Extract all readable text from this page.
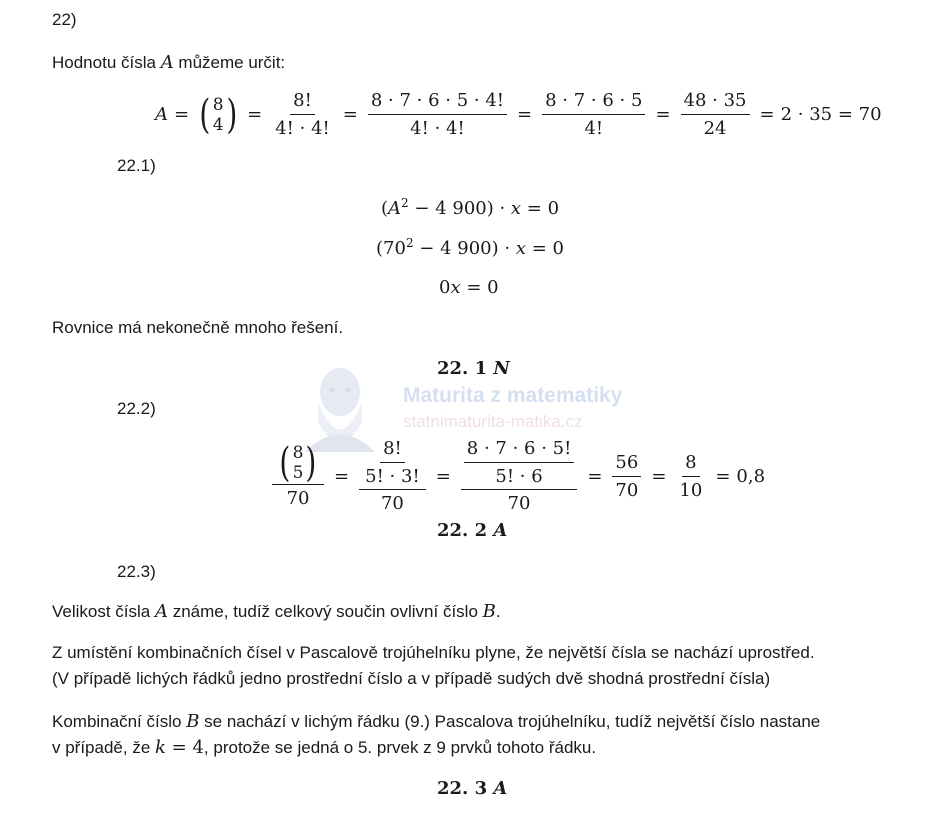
22)
Hodnotu čísla A můžeme určit:
A = ( 8
4 ) = $\frac{8!}{4! \cdot 4!} = \frac{8 \cdot 7 \cdot 6 \cdot 5 \cdot 4!}{4! \cdot 4!} = \frac{8 \cdot 7 \cdot 6 \cdot 5}{4!} = \frac{48 \cdot 35}{24} = 2 \cdot 35 = 70$
22.1)
($A^2 - 4$ 900) · x = 0
($70^2 - 4$ 900) · x = 0
0x = 0
Rovnice má nekonečně mnoho řešení.
22. 1 N
Maturita z matematiky
statnimaturita-matika.cz
22.2)
( 8
5 )
$70 = \frac{\frac{8!}{5! \cdot 3!}}{70} = \frac{\frac{8 \cdot 7 \cdot 6 \cdot 5!}{5! \cdot 6}}{70} = \frac{56}{70} = \frac{8}{10} = 0,8$
22. 2 A
22.3)
Velikost čísla A známe, tudíž celkový součin ovlivní číslo B.
Z umístění kombinačních čísel v Pascalově trojúhelníku plyne, že největší čísla se nachází uprostřed.
(V případě lichých řádků jedno prostřední číslo a v případě sudých dvě shodná prostřední čísla)
Kombinační číslo B se nachází v lichým řádku (9.) Pascalova trojúhelníku, tudíž největší číslo nastane
v případě, že k = 4, protože se jedná o 5. prvek z 9 prvků tohoto řádku.
22. 3 A
